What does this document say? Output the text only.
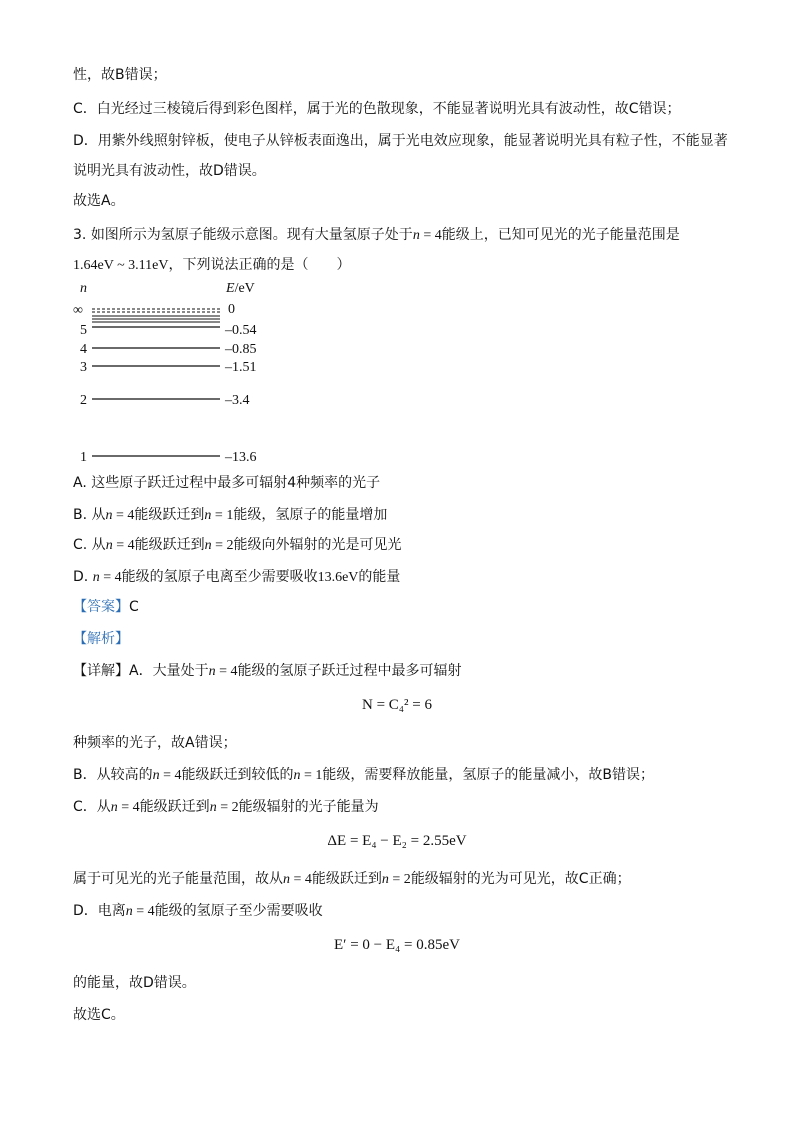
性，故B错误；
C．白光经过三棱镜后得到彩色图样，属于光的色散现象，不能显著说明光具有波动性，故C错误；
D．用紫外线照射锌板，使电子从锌板表面逸出，属于光电效应现象，能显著说明光具有粒子性，不能显著
说明光具有波动性，故D错误。
故选A。
3. 如图所示为氢原子能级示意图。现有大量氢原子处于n = 4能级上，已知可见光的光子能量范围是
1.64eV ~ 3.11eV，下列说法正确的是（　　）
n	E/eV
∞	0
5	–0.54
4	–0.85
3	–1.51
2	–3.4
1	–13.6
A. 这些原子跃迁过程中最多可辐射4种频率的光子
B. 从n = 4能级跃迁到n = 1能级，氢原子的能量增加
C. 从n = 4能级跃迁到n = 2能级向外辐射的光是可见光
D. n = 4能级的氢原子电离至少需要吸收13.6eV的能量
【答案】C
【解析】
【详解】A．大量处于n = 4能级的氢原子跃迁过程中最多可辐射
N = C₄² = 6
种频率的光子，故A错误；
B．从较高的n = 4能级跃迁到较低的n = 1能级，需要释放能量，氢原子的能量减小，故B错误；
C．从n = 4能级跃迁到n = 2能级辐射的光子能量为
ΔE = E₄ − E₂ = 2.55eV
属于可见光的光子能量范围，故从n = 4能级跃迁到n = 2能级辐射的光为可见光，故C正确；
D．电离n = 4能级的氢原子至少需要吸收
E′ = 0 − E₄ = 0.85eV
的能量，故D错误。
故选C。
